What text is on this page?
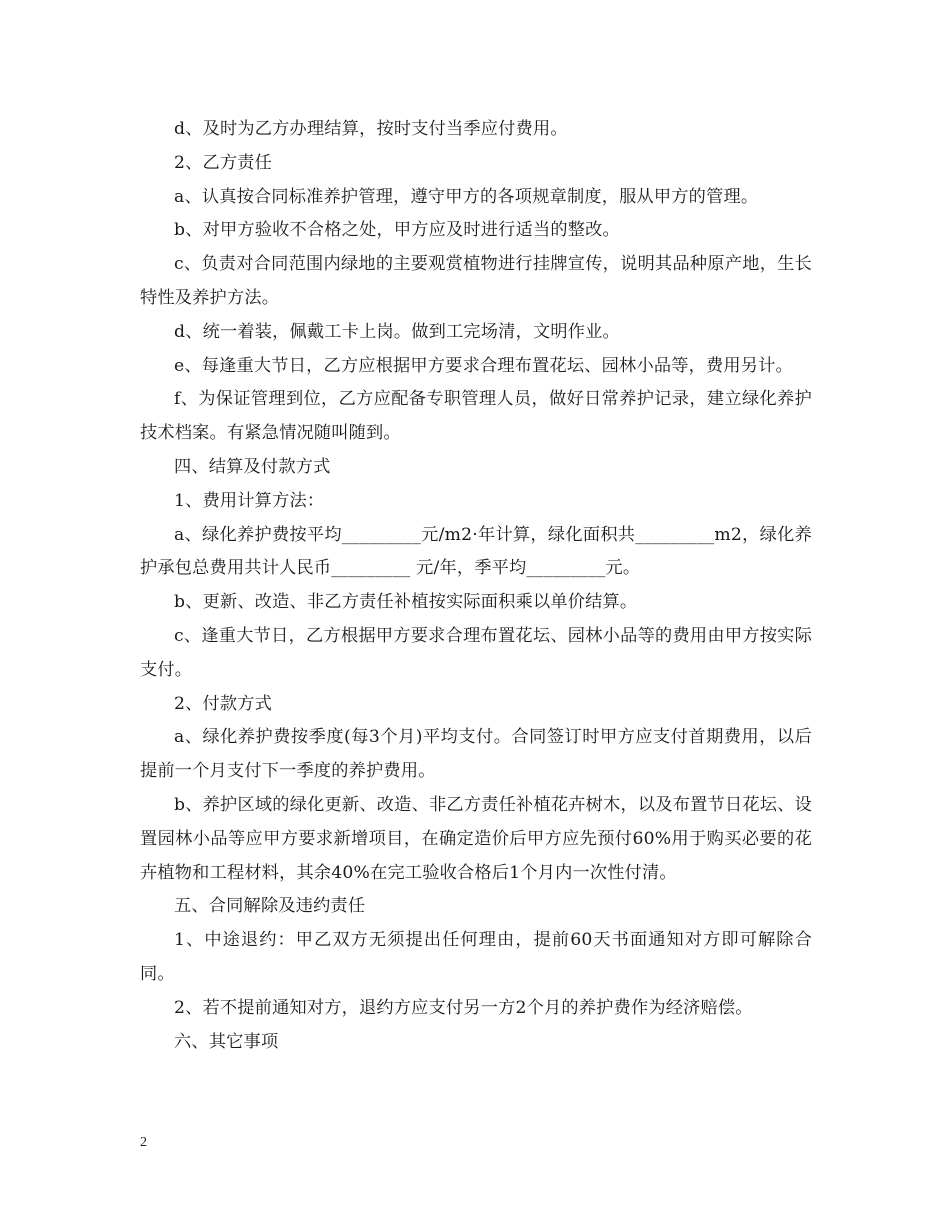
d、及时为乙方办理结算，按时支付当季应付费用。

2、乙方责任

a、认真按合同标准养护管理，遵守甲方的各项规章制度，服从甲方的管理。

b、对甲方验收不合格之处，甲方应及时进行适当的整改。

c、负责对合同范围内绿地的主要观赏植物进行挂牌宣传，说明其品种原产地，生长特性及养护方法。

d、统一着装，佩戴工卡上岗。做到工完场清，文明作业。

e、每逢重大节日，乙方应根据甲方要求合理布置花坛、园林小品等，费用另计。

f、为保证管理到位，乙方应配备专职管理人员，做好日常养护记录，建立绿化养护技术档案。有紧急情况随叫随到。

四、结算及付款方式

1、费用计算方法：

a、绿化养护费按平均_________元/m2·年计算，绿化面积共_________m2，绿化养护承包总费用共计人民币_________ 元/年，季平均_________元。

b、更新、改造、非乙方责任补植按实际面积乘以单价结算。

c、逢重大节日，乙方根据甲方要求合理布置花坛、园林小品等的费用由甲方按实际支付。

2、付款方式

a、绿化养护费按季度(每3个月)平均支付。合同签订时甲方应支付首期费用，以后提前一个月支付下一季度的养护费用。

b、养护区域的绿化更新、改造、非乙方责任补植花卉树木，以及布置节日花坛、设置园林小品等应甲方要求新增项目，在确定造价后甲方应先预付60%用于购买必要的花卉植物和工程材料，其余40%在完工验收合格后1个月内一次性付清。

五、合同解除及违约责任

1、中途退约：甲乙双方无须提出任何理由，提前60天书面通知对方即可解除合同。

2、若不提前通知对方，退约方应支付另一方2个月的养护费作为经济赔偿。

六、其它事项

2
